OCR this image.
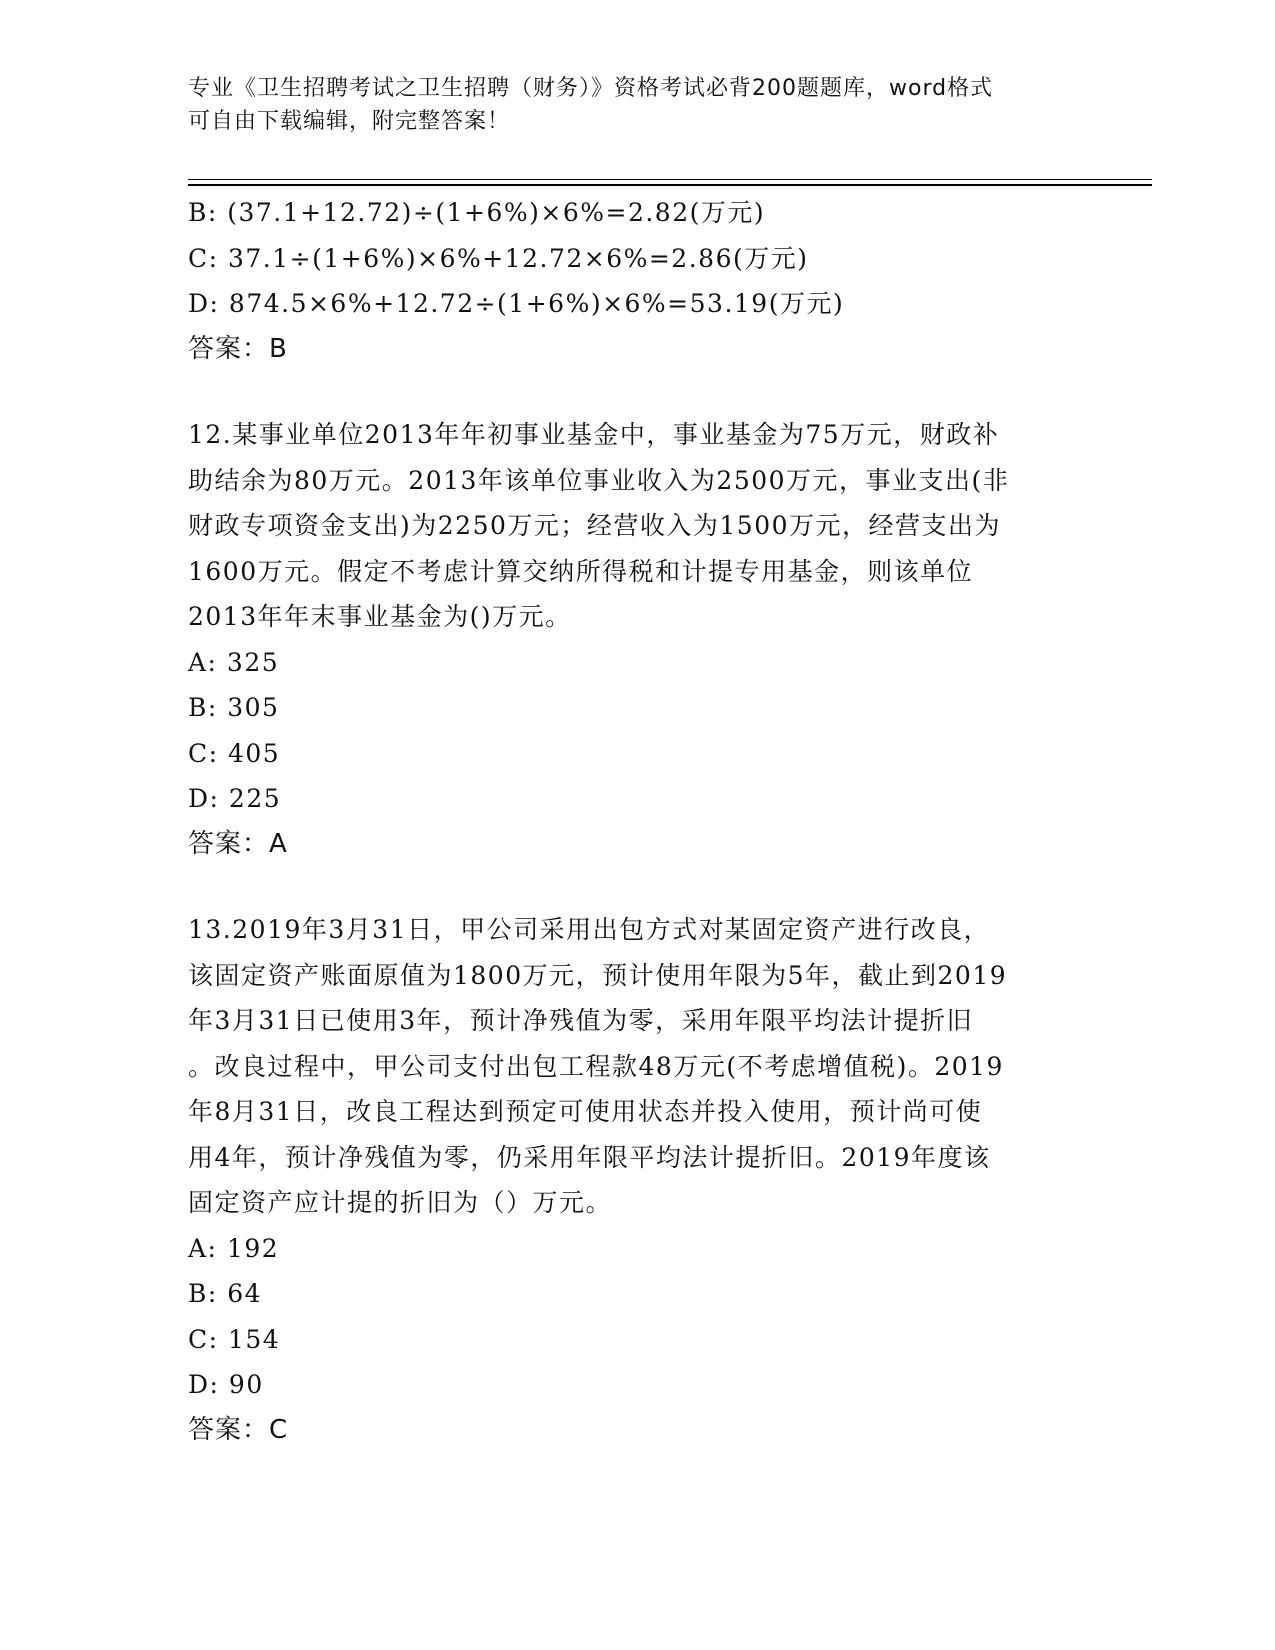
专业《卫生招聘考试之卫生招聘（财务）》资格考试必背200题题库，word格式
可自由下载编辑，附完整答案！
B: (37.1+12.72)÷(1+6%)×6%=2.82(万元)
C: 37.1÷(1+6%)×6%+12.72×6%=2.86(万元)
D: 874.5×6%+12.72÷(1+6%)×6%=53.19(万元)
答案：B
12.某事业单位2013年年初事业基金中，事业基金为75万元，财政补
助结余为80万元。2013年该单位事业收入为2500万元，事业支出(非
财政专项资金支出)为2250万元；经营收入为1500万元，经营支出为
1600万元。假定不考虑计算交纳所得税和计提专用基金，则该单位
2013年年末事业基金为()万元。
A: 325
B: 305
C: 405
D: 225
答案：A
13.2019年3月31日，甲公司采用出包方式对某固定资产进行改良，
该固定资产账面原值为1800万元，预计使用年限为5年，截止到2019
年3月31日已使用3年，预计净残值为零，采用年限平均法计提折旧
。改良过程中，甲公司支付出包工程款48万元(不考虑增值税)。2019
年8月31日，改良工程达到预定可使用状态并投入使用，预计尚可使
用4年，预计净残值为零，仍采用年限平均法计提折旧。2019年度该
固定资产应计提的折旧为（）万元。
A: 192
B: 64
C: 154
D: 90
答案：C
